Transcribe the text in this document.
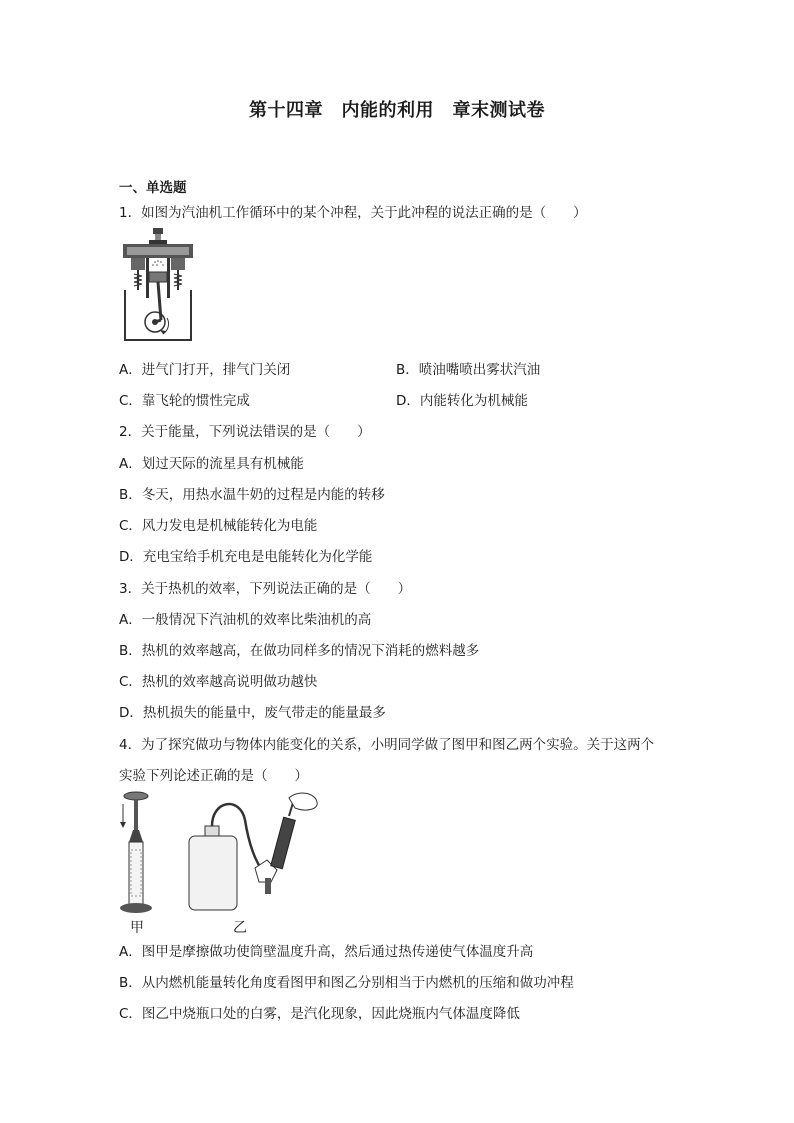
第十四章　内能的利用　章末测试卷
一、单选题
1．如图为汽油机工作循环中的某个冲程，关于此冲程的说法正确的是（　　）
A．进气门打开，排气门关闭	B．喷油嘴喷出雾状汽油
C．靠飞轮的惯性完成	D．内能转化为机械能
2．关于能量，下列说法错误的是（　　）
A．划过天际的流星具有机械能
B．冬天，用热水温牛奶的过程是内能的转移
C．风力发电是机械能转化为电能
D．充电宝给手机充电是电能转化为化学能
3．关于热机的效率，下列说法正确的是（　　）
A．一般情况下汽油机的效率比柴油机的高
B．热机的效率越高，在做功同样多的情况下消耗的燃料越多
C．热机的效率越高说明做功越快
D．热机损失的能量中，废气带走的能量最多
4．为了探究做功与物体内能变化的关系，小明同学做了图甲和图乙两个实验。关于这两个
实验下列论述正确的是（　　）
甲	乙
A．图甲是摩擦做功使筒壁温度升高，然后通过热传递使气体温度升高
B．从内燃机能量转化角度看图甲和图乙分别相当于内燃机的压缩和做功冲程
C．图乙中烧瓶口处的白雾，是汽化现象，因此烧瓶内气体温度降低
